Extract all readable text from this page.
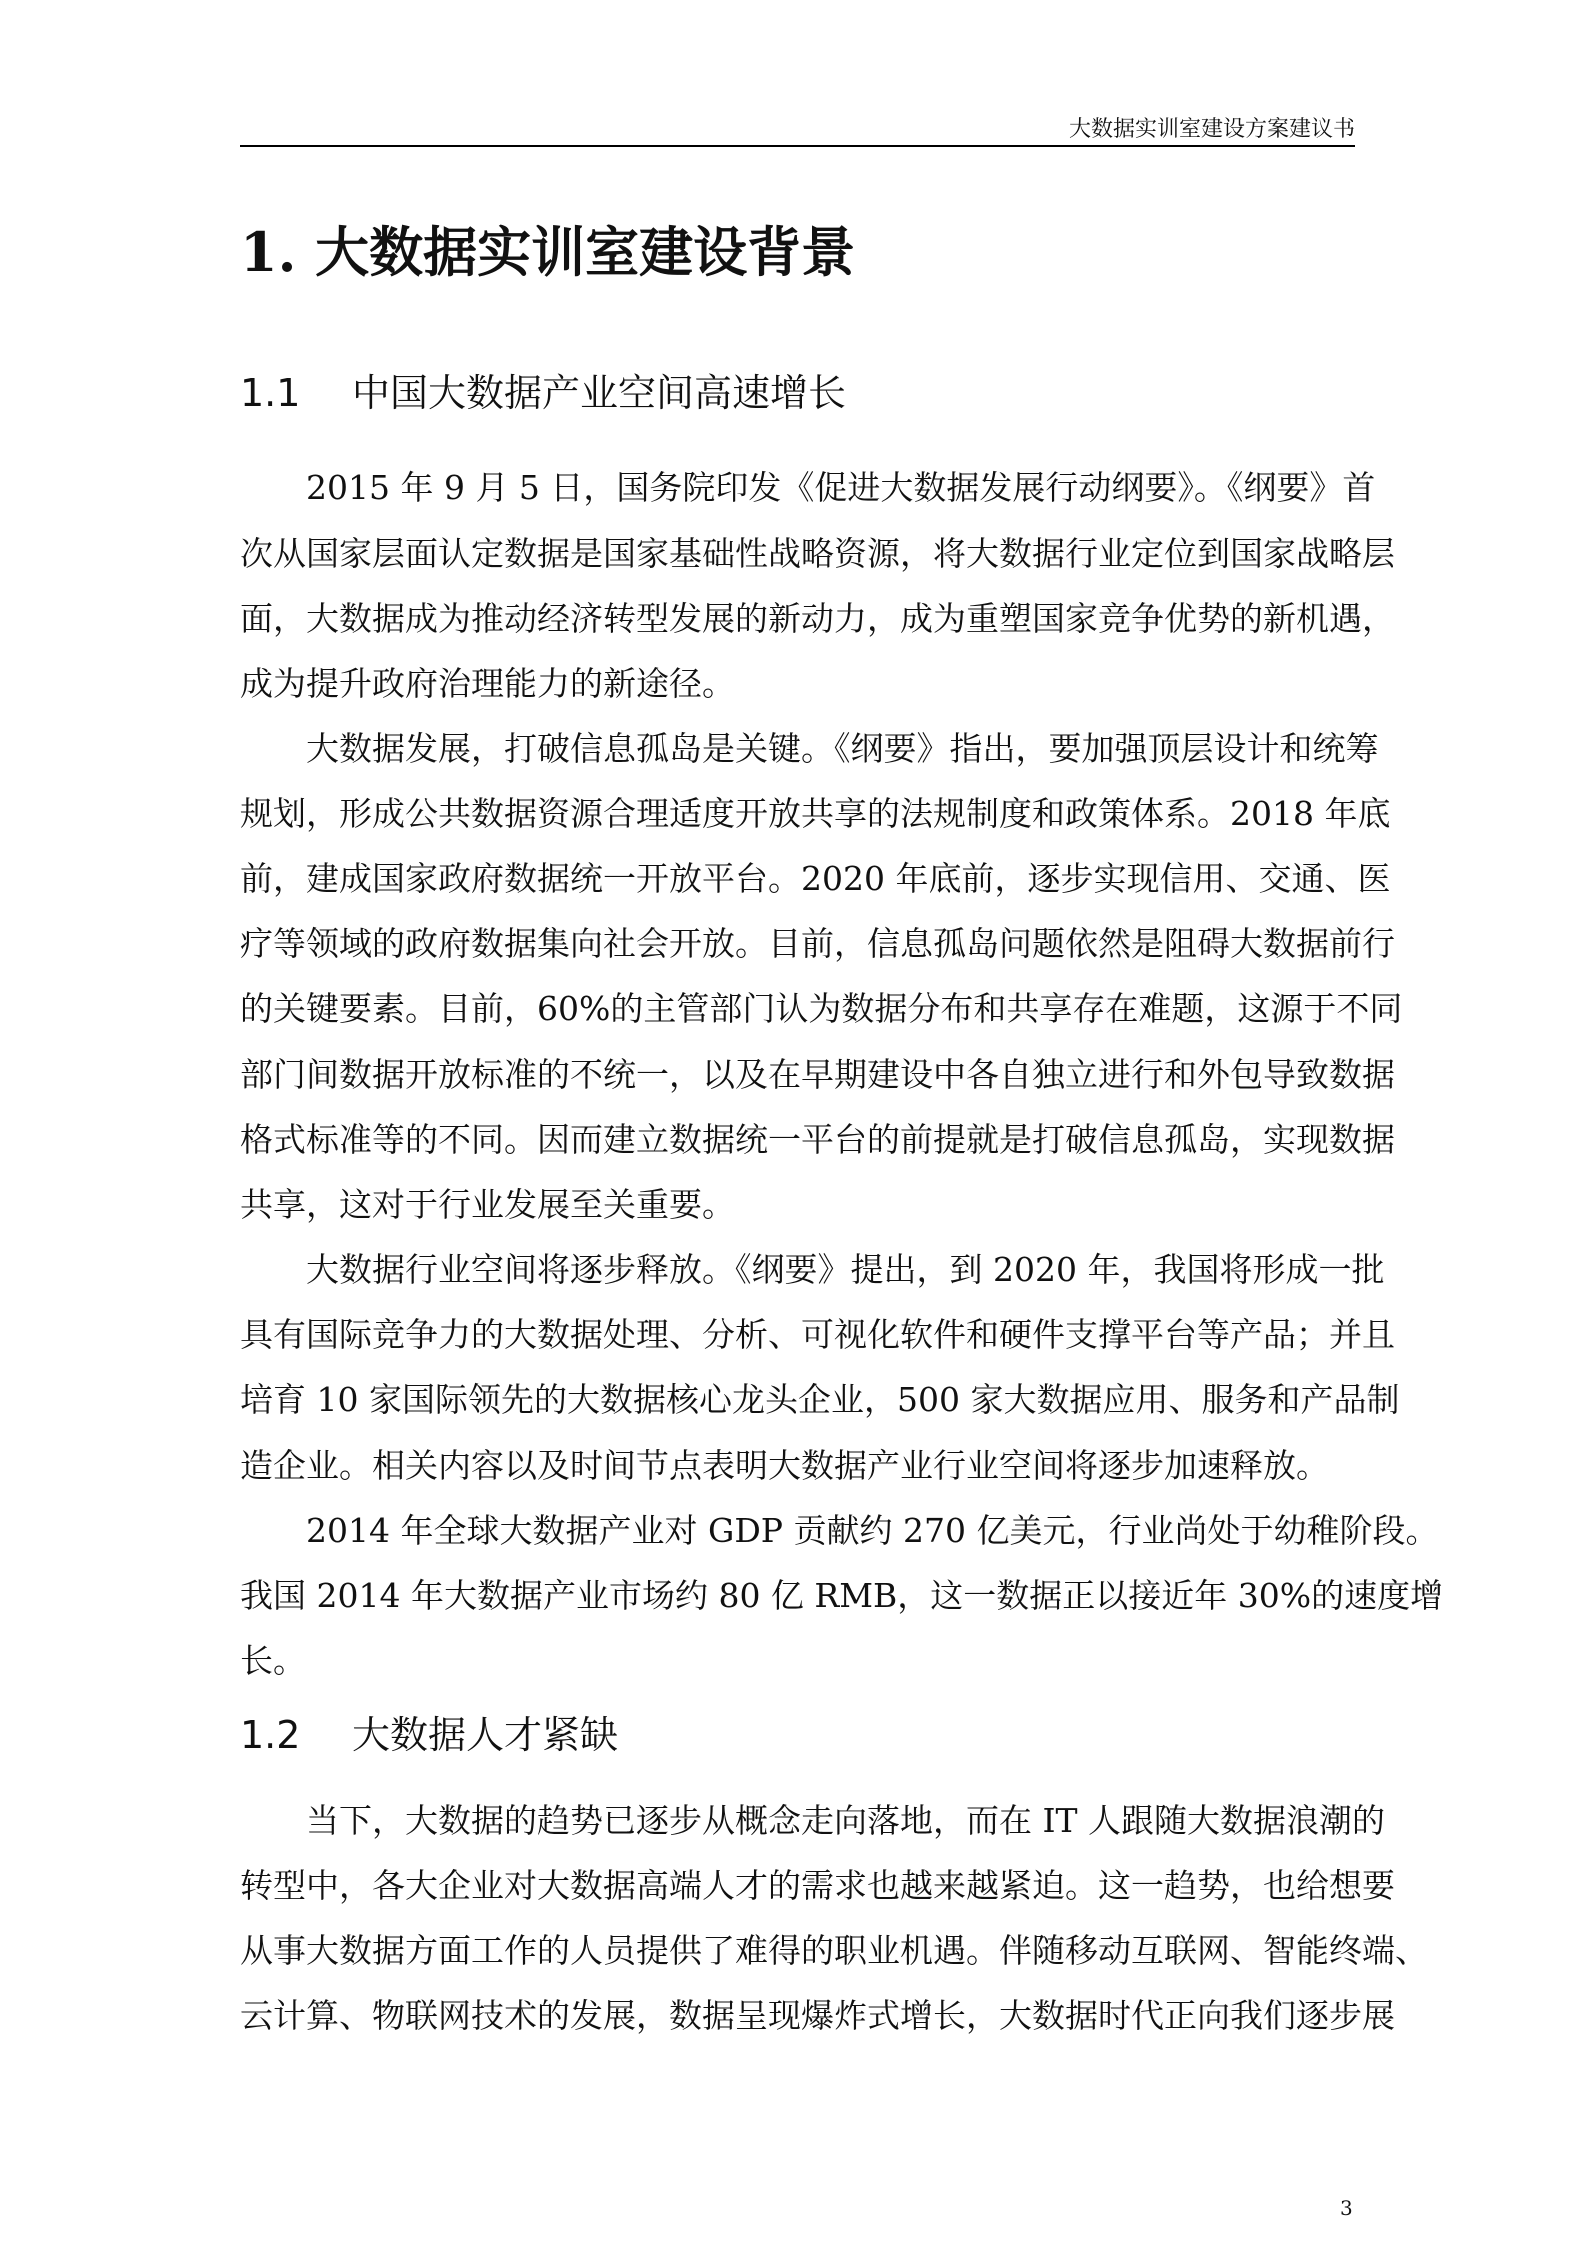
大数据实训室建设方案建议书
1. 大数据实训室建设背景
1.1 中国大数据产业空间高速增长
1.2 大数据人才紧缺
2015 年 9 月 5 日，国务院印发《促进大数据发展行动纲要》。《纲要》首
次从国家层面认定数据是国家基础性战略资源，将大数据行业定位到国家战略层
面，大数据成为推动经济转型发展的新动力，成为重塑国家竞争优势的新机遇，
成为提升政府治理能力的新途径。
大数据发展，打破信息孤岛是关键。《纲要》指出，要加强顶层设计和统筹
规划，形成公共数据资源合理适度开放共享的法规制度和政策体系。2018 年底
前，建成国家政府数据统一开放平台。2020 年底前，逐步实现信用、交通、医
疗等领域的政府数据集向社会开放。目前，信息孤岛问题依然是阻碍大数据前行
的关键要素。目前，60%的主管部门认为数据分布和共享存在难题，这源于不同
部门间数据开放标准的不统一，以及在早期建设中各自独立进行和外包导致数据
格式标准等的不同。因而建立数据统一平台的前提就是打破信息孤岛，实现数据
共享，这对于行业发展至关重要。
大数据行业空间将逐步释放。《纲要》提出，到 2020 年，我国将形成一批
具有国际竞争力的大数据处理、分析、可视化软件和硬件支撑平台等产品；并且
培育 10 家国际领先的大数据核心龙头企业，500 家大数据应用、服务和产品制
造企业。相关内容以及时间节点表明大数据产业行业空间将逐步加速释放。
2014 年全球大数据产业对 GDP 贡献约 270 亿美元，行业尚处于幼稚阶段。
我国 2014 年大数据产业市场约 80 亿 RMB，这一数据正以接近年 30%的速度增
长。
当下，大数据的趋势已逐步从概念走向落地，而在 IT 人跟随大数据浪潮的
转型中，各大企业对大数据高端人才的需求也越来越紧迫。这一趋势，也给想要
从事大数据方面工作的人员提供了难得的职业机遇。伴随移动互联网、智能终端、
云计算、物联网技术的发展，数据呈现爆炸式增长，大数据时代正向我们逐步展
3
